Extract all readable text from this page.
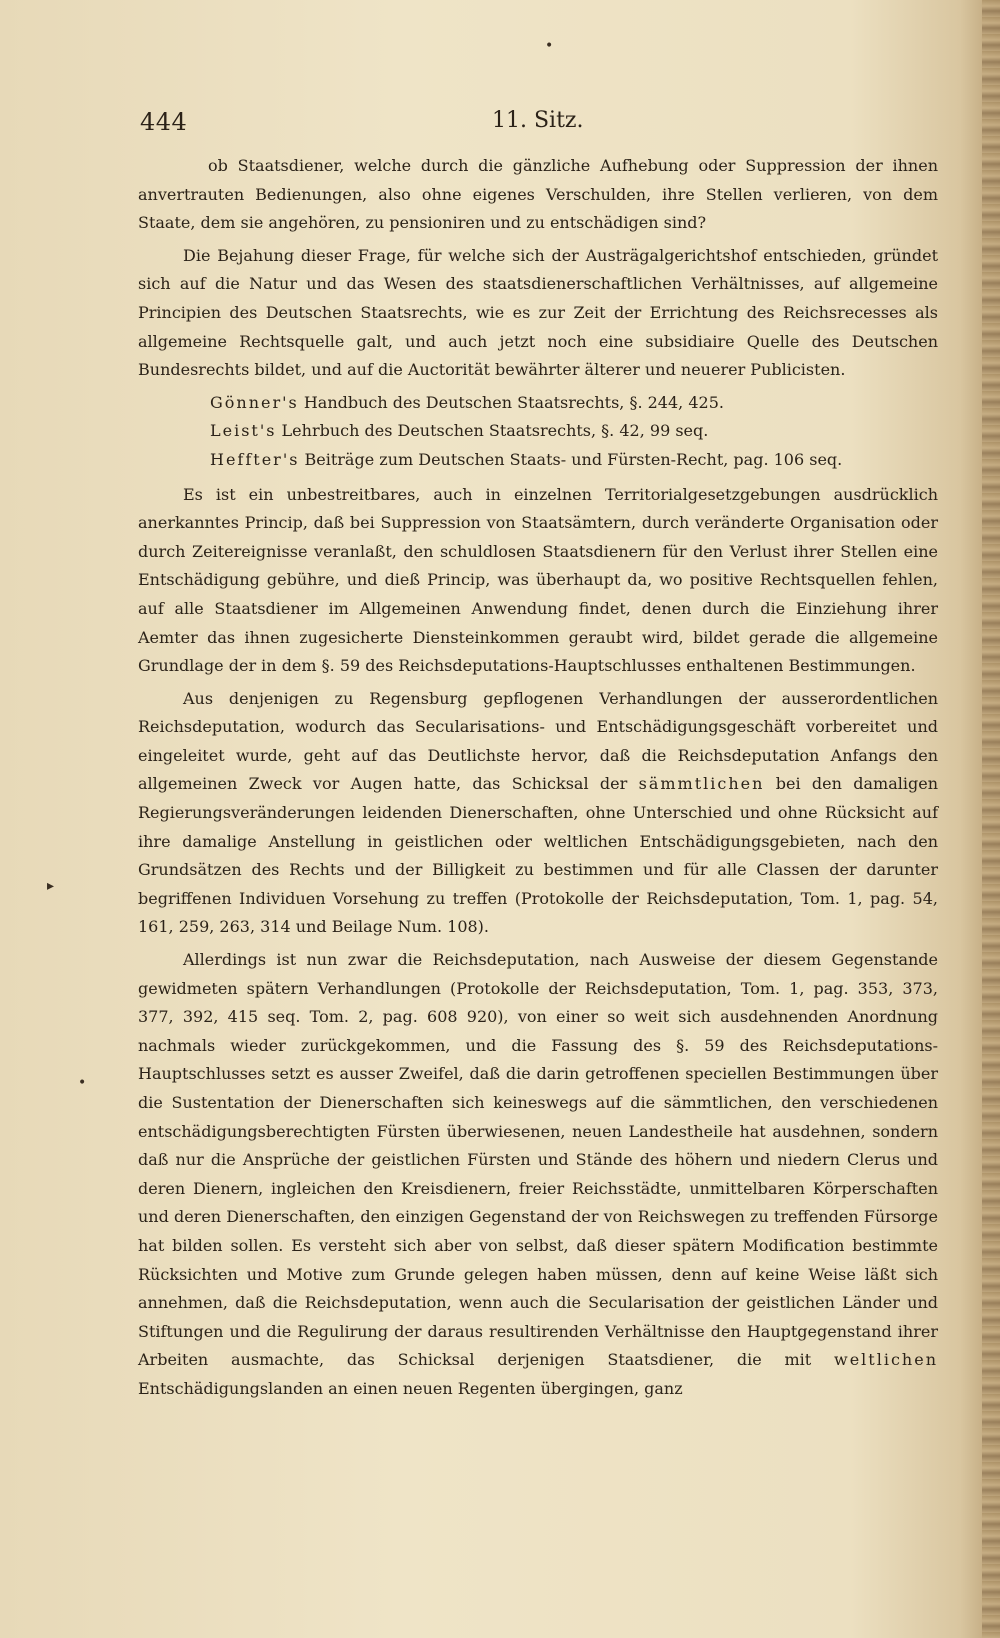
•
▸
•
444	11. Sitz.

ob Staatsdiener, welche durch die gänzliche Aufhebung oder Suppression der ihnen anvertrauten Bedienungen, also ohne eigenes Verschulden, ihre Stellen verlieren, von dem Staate, dem sie angehören, zu pensioniren und zu entschädigen sind?

Die Bejahung dieser Frage, für welche sich der Austrägalgerichtshof entschieden, gründet sich auf die Natur und das Wesen des staatsdienerschaftlichen Verhältnisses, auf allgemeine Principien des Deutschen Staatsrechts, wie es zur Zeit der Errichtung des Reichsrecesses als allgemeine Rechtsquelle galt, und auch jetzt noch eine subsidiaire Quelle des Deutschen Bundesrechts bildet, und auf die Auctorität bewährter älterer und neuerer Publicisten.

Gönner's Handbuch des Deutschen Staatsrechts, §. 244, 425.

Leist's Lehrbuch des Deutschen Staatsrechts, §. 42, 99 seq.

Heffter's Beiträge zum Deutschen Staats- und Fürsten-Recht, pag. 106 seq.

Es ist ein unbestreitbares, auch in einzelnen Territorialgesetzgebungen ausdrücklich anerkanntes Princip, daß bei Suppression von Staatsämtern, durch veränderte Organisation oder durch Zeitereignisse veranlaßt, den schuldlosen Staatsdienern für den Verlust ihrer Stellen eine Entschädigung gebühre, und dieß Princip, was überhaupt da, wo positive Rechtsquellen fehlen, auf alle Staatsdiener im Allgemeinen Anwendung findet, denen durch die Einziehung ihrer Aemter das ihnen zugesicherte Diensteinkommen geraubt wird, bildet gerade die allgemeine Grundlage der in dem §. 59 des Reichsdeputations-Hauptschlusses enthaltenen Bestimmungen.

Aus denjenigen zu Regensburg gepflogenen Verhandlungen der ausserordentlichen Reichsdeputation, wodurch das Secularisations- und Entschädigungsgeschäft vorbereitet und eingeleitet wurde, geht auf das Deutlichste hervor, daß die Reichsdeputation Anfangs den allgemeinen Zweck vor Augen hatte, das Schicksal der sämmtlichen bei den damaligen Regierungsveränderungen leidenden Dienerschaften, ohne Unterschied und ohne Rücksicht auf ihre damalige Anstellung in geistlichen oder weltlichen Entschädigungsgebieten, nach den Grundsätzen des Rechts und der Billigkeit zu bestimmen und für alle Classen der darunter begriffenen Individuen Vorsehung zu treffen (Protokolle der Reichsdeputation, Tom. 1, pag. 54, 161, 259, 263, 314 und Beilage Num. 108).

Allerdings ist nun zwar die Reichsdeputation, nach Ausweise der diesem Gegenstande gewidmeten spätern Verhandlungen (Protokolle der Reichsdeputation, Tom. 1, pag. 353, 373, 377, 392, 415 seq. Tom. 2, pag. 608 920), von einer so weit sich ausdehnenden Anordnung nachmals wieder zurückgekommen, und die Fassung des §. 59 des Reichsdeputations-Hauptschlusses setzt es ausser Zweifel, daß die darin getroffenen speciellen Bestimmungen über die Sustentation der Dienerschaften sich keineswegs auf die sämmtlichen, den verschiedenen entschädigungsberechtigten Fürsten überwiesenen, neuen Landestheile hat ausdehnen, sondern daß nur die Ansprüche der geistlichen Fürsten und Stände des höhern und niedern Clerus und deren Dienern, ingleichen den Kreisdienern, freier Reichsstädte, unmittelbaren Körperschaften und deren Dienerschaften, den einzigen Gegenstand der von Reichswegen zu treffenden Fürsorge hat bilden sollen. Es versteht sich aber von selbst, daß dieser spätern Modification bestimmte Rücksichten und Motive zum Grunde gelegen haben müssen, denn auf keine Weise läßt sich annehmen, daß die Reichsdeputation, wenn auch die Secularisation der geistlichen Länder und Stiftungen und die Regulirung der daraus resultirenden Verhältnisse den Hauptgegenstand ihrer Arbeiten ausmachte, das Schicksal derjenigen Staatsdiener, die mit weltlichen Entschädigungslanden an einen neuen Regenten übergingen, ganz
